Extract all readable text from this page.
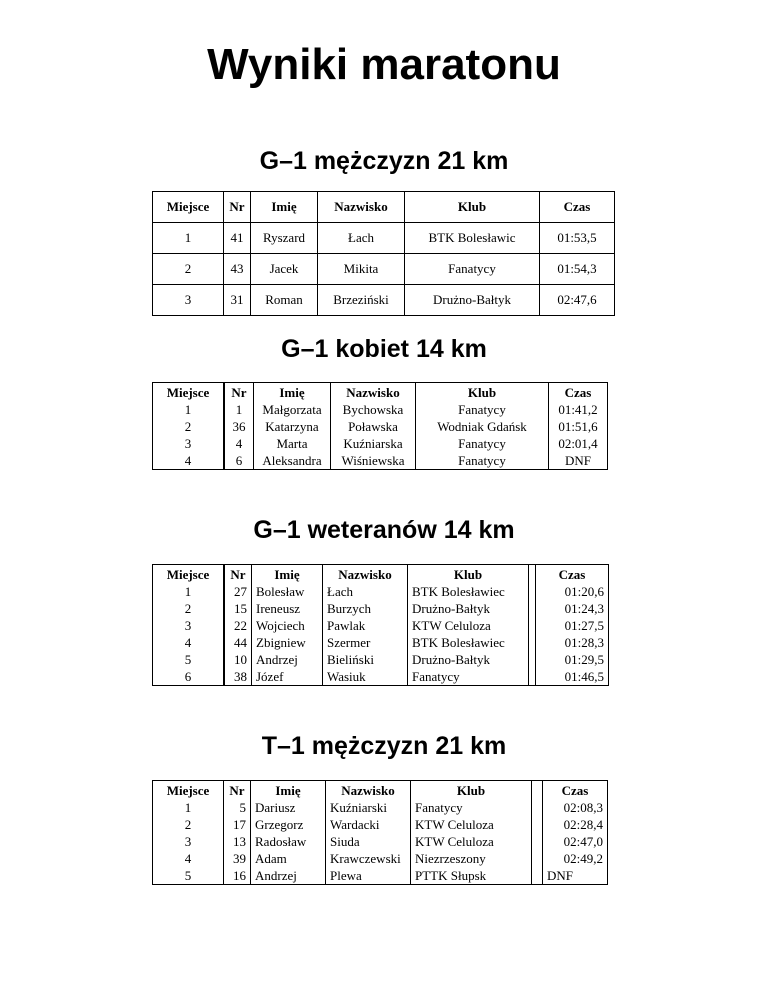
Wyniki maratonu
G–1 mężczyzn 21 km
Miejsce	Nr	Imię	Nazwisko	Klub	Czas
1	41	Ryszard	Łach	BTK Bolesławic	01:53,5
2	43	Jacek	Mikita	Fanatycy	01:54,3
3	31	Roman	Brzeziński	Drużno-Bałtyk	02:47,6
G–1 kobiet 14 km
Miejsce		Nr	Imię	Nazwisko	Klub	Czas
1		1	Małgorzata	Bychowska	Fanatycy	01:41,2
2		36	Katarzyna	Poławska	Wodniak Gdańsk	01:51,6
3		4	Marta	Kuźniarska	Fanatycy	02:01,4
4		6	Aleksandra	Wiśniewska	Fanatycy	DNF
G–1 weteranów 14 km
Miejsce		Nr	Imię	Nazwisko	Klub		Czas
1		27	Bolesław	Łach	BTK Bolesławiec		01:20,6
2		15	Ireneusz	Burzych	Drużno-Bałtyk		01:24,3
3		22	Wojciech	Pawlak	KTW Celuloza		01:27,5
4		44	Zbigniew	Szermer	BTK Bolesławiec		01:28,3
5		10	Andrzej	Bieliński	Drużno-Bałtyk		01:29,5
6		38	Józef	Wasiuk	Fanatycy		01:46,5
T–1 mężczyzn 21 km
Miejsce	Nr	Imię	Nazwisko	Klub		Czas
1	5	Dariusz	Kuźniarski	Fanatycy		02:08,3
2	17	Grzegorz	Wardacki	KTW Celuloza		02:28,4
3	13	Radosław	Siuda	KTW Celuloza		02:47,0
4	39	Adam	Krawczewski	Niezrzeszony		02:49,2
5	16	Andrzej	Plewa	PTTK Słupsk		DNF
